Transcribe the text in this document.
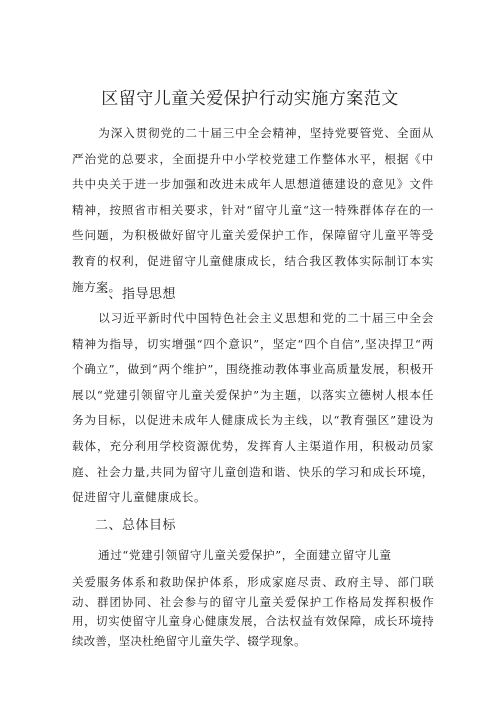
区留守儿童关爱保护行动实施方案范文

为深入贯彻党的二十届三中全会精神，坚持党要管党、全面从严治党的总要求，全面提升中小学校党建工作整体水平，根据《中共中央关于进一步加强和改进未成年人思想道德建设的意见》文件精神，按照省市相关要求，针对“留守儿童“这一特殊群体存在的一些问题，为积极做好留守儿童关爱保护工作，保障留守儿童平等受教育的权利，促进留守儿童健康成长，结合我区教体实际制订本实施方案。

一、指导思想

以习近平新时代中国特色社会主义思想和党的二十届三中全会精神为指导，切实增强“四个意识”，坚定“四个自信”,坚决捍卫“两个确立”，做到“两个维护”，围绕推动教体事业高质量发展，积极开展以“党建引领留守儿童关爱保护”为主题，以落实立德树人根本任务为目标，以促进未成年人健康成长为主线，以“教育强区”建设为载体，充分利用学校资源优势，发挥育人主渠道作用，积极动员家庭、社会力量,共同为留守儿童创造和谐、快乐的学习和成长环境，促进留守儿童健康成长。

二、总体目标
通过“党建引领留守儿童关爱保护”，全面建立留守儿童

关爱服务体系和救助保护体系，形成家庭尽责、政府主导、部门联动、群团协同、社会参与的留守儿童关爱保护工作格局发挥积极作用，切实使留守儿童身心健康发展，合法权益有效保障，成长环境持续改善，坚决杜绝留守儿童失学、辍学现象。
